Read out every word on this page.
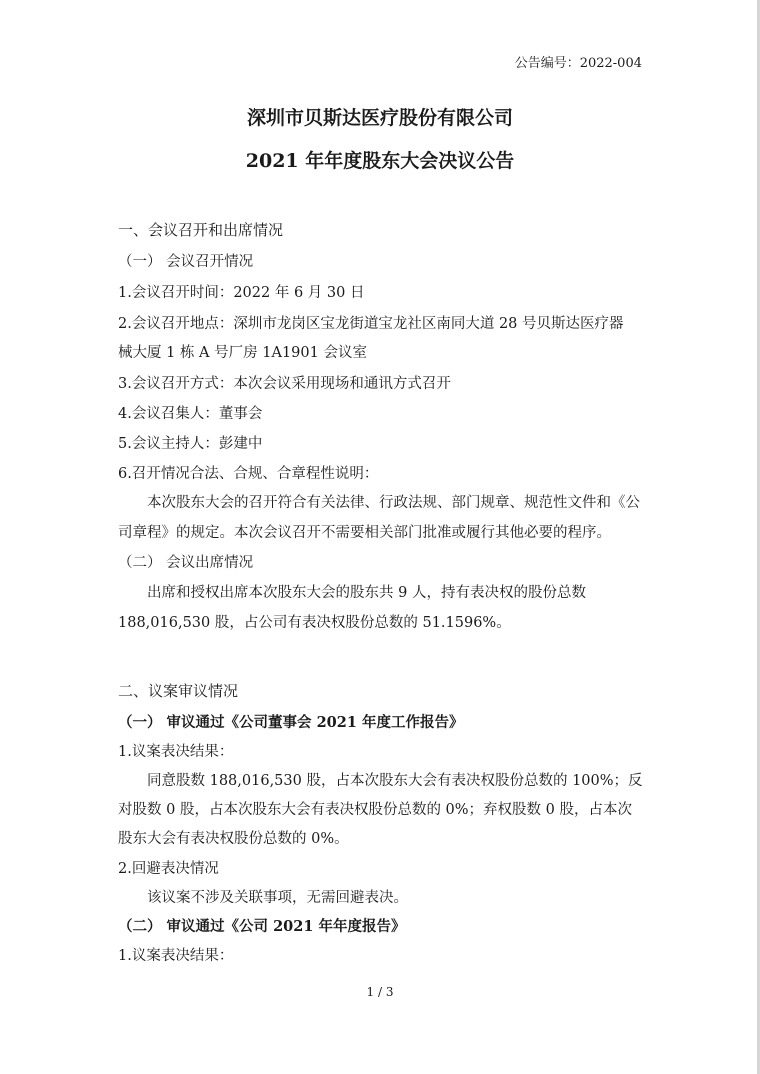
公告编号：2022-004
深圳市贝斯达医疗股份有限公司
2021 年年度股东大会决议公告
一、会议召开和出席情况
（一） 会议召开情况
1.会议召开时间：2022 年 6 月 30 日
2.会议召开地点：深圳市龙岗区宝龙街道宝龙社区南同大道 28 号贝斯达医疗器
械大厦 1 栋 A 号厂房 1A1901 会议室
3.会议召开方式：本次会议采用现场和通讯方式召开
4.会议召集人：董事会
5.会议主持人：彭建中
6.召开情况合法、合规、合章程性说明：
本次股东大会的召开符合有关法律、行政法规、部门规章、规范性文件和《公
司章程》的规定。本次会议召开不需要相关部门批准或履行其他必要的程序。
（二） 会议出席情况
出席和授权出席本次股东大会的股东共 9 人，持有表决权的股份总数
188,016,530 股，占公司有表决权股份总数的 51.1596%。
二、议案审议情况
（一） 审议通过《公司董事会 2021 年度工作报告》
1.议案表决结果：
同意股数 188,016,530 股，占本次股东大会有表决权股份总数的 100%；反
对股数 0 股，占本次股东大会有表决权股份总数的 0%；弃权股数 0 股，占本次
股东大会有表决权股份总数的 0%。
2.回避表决情况
该议案不涉及关联事项，无需回避表决。
（二） 审议通过《公司 2021 年年度报告》
1.议案表决结果：
1 / 3
